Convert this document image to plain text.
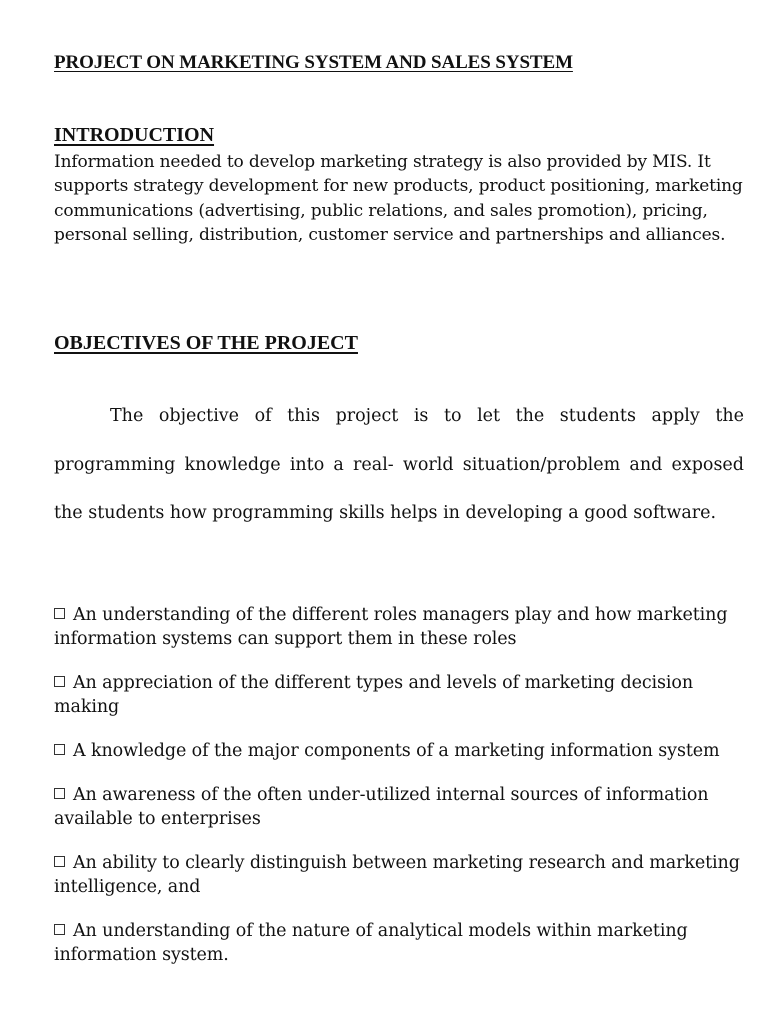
PROJECT ON MARKETING SYSTEM AND SALES SYSTEM
INTRODUCTION

Information needed to develop marketing strategy is also provided by MIS. It supports strategy development for new products, product positioning, marketing communications (advertising, public relations, and sales promotion), pricing, personal selling, distribution, customer service and partnerships and alliances.

OBJECTIVES OF THE PROJECT

The objective of this project is to let the students apply the programming knowledge into a real- world situation/problem and exposed the students how programming skills helps in developing a good software.

An understanding of the different roles managers play and how marketing information systems can support them in these roles
An appreciation of the different types and levels of marketing decision making
A knowledge of the major components of a marketing information system
An awareness of the often under-utilized internal sources of information available to enterprises
An ability to clearly distinguish between marketing research and marketing intelligence, and
An understanding of the nature of analytical models within marketing information system.
